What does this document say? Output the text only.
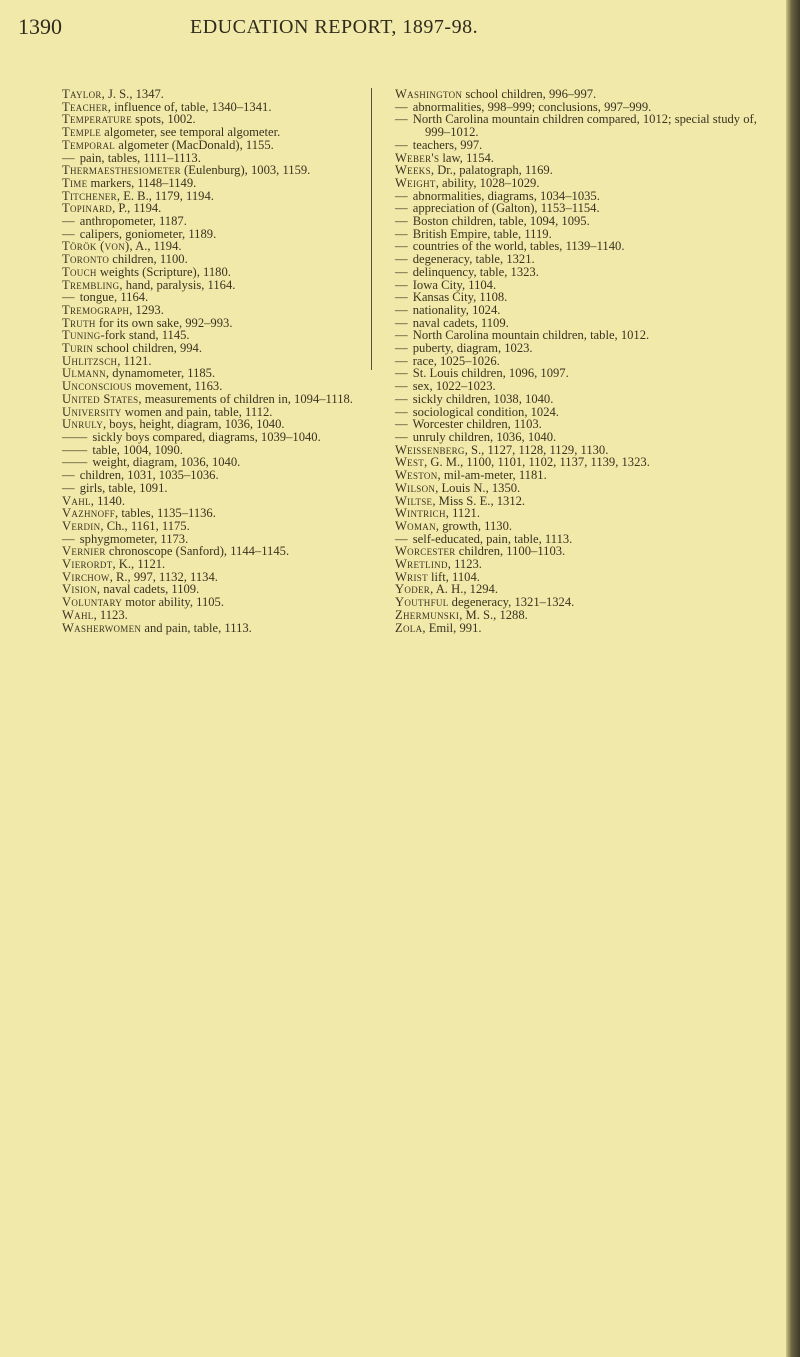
1390	EDUCATION REPORT, 1897-98.

Taylor, J. S., 1347.

Teacher, influence of, table, 1340–1341.

Temperature spots, 1002.

Temple algometer, see temporal algometer.

Temporal algometer (MacDonald), 1155.

— pain, tables, 1111–1113.

Thermaesthesiometer (Eulenburg), 1003, 1159.

Time markers, 1148–1149.

Titchener, E. B., 1179, 1194.

Topinard, P., 1194.

— anthropometer, 1187.

— calipers, goniometer, 1189.

Török (von), A., 1194.

Toronto children, 1100.

Touch weights (Scripture), 1180.

Trembling, hand, paralysis, 1164.

— tongue, 1164.

Tremograph, 1293.

Truth for its own sake, 992–993.

Tuning-fork stand, 1145.

Turin school children, 994.

Uhlitzsch, 1121.

Ulmann, dynamometer, 1185.

Unconscious movement, 1163.

United States, measurements of children in, 1094–1118.

University women and pain, table, 1112.

Unruly, boys, height, diagram, 1036, 1040.

—— sickly boys compared, diagrams, 1039–1040.

—— table, 1004, 1090.

—— weight, diagram, 1036, 1040.

— children, 1031, 1035–1036.

— girls, table, 1091.

Vahl, 1140.

Vazhnoff, tables, 1135–1136.

Verdin, Ch., 1161, 1175.

— sphygmometer, 1173.

Vernier chronoscope (Sanford), 1144–1145.

Vierordt, K., 1121.

Virchow, R., 997, 1132, 1134.

Vision, naval cadets, 1109.

Voluntary motor ability, 1105.

Wahl, 1123.

Washerwomen and pain, table, 1113.

Washington school children, 996–997.

— abnormalities, 998–999; conclusions, 997–999.

— North Carolina mountain children compared, 1012; special study of, 999–1012.

— teachers, 997.

Weber's law, 1154.

Weeks, Dr., palatograph, 1169.

Weight, ability, 1028–1029.

— abnormalities, diagrams, 1034–1035.

— appreciation of (Galton), 1153–1154.

— Boston children, table, 1094, 1095.

— British Empire, table, 1119.

— countries of the world, tables, 1139–1140.

— degeneracy, table, 1321.

— delinquency, table, 1323.

— Iowa City, 1104.

— Kansas City, 1108.

— nationality, 1024.

— naval cadets, 1109.

— North Carolina mountain children, table, 1012.

— puberty, diagram, 1023.

— race, 1025–1026.

— St. Louis children, 1096, 1097.

— sex, 1022–1023.

— sickly children, 1038, 1040.

— sociological condition, 1024.

— Worcester children, 1103.

— unruly children, 1036, 1040.

Weissenberg, S., 1127, 1128, 1129, 1130.

West, G. M., 1100, 1101, 1102, 1137, 1139, 1323.

Weston, mil-am-meter, 1181.

Wilson, Louis N., 1350.

Wiltse, Miss S. E., 1312.

Wintrich, 1121.

Woman, growth, 1130.

— self-educated, pain, table, 1113.

Worcester children, 1100–1103.

Wretlind, 1123.

Wrist lift, 1104.

Yoder, A. H., 1294.

Youthful degeneracy, 1321–1324.

Zhermunski, M. S., 1288.

Zola, Emil, 991.
